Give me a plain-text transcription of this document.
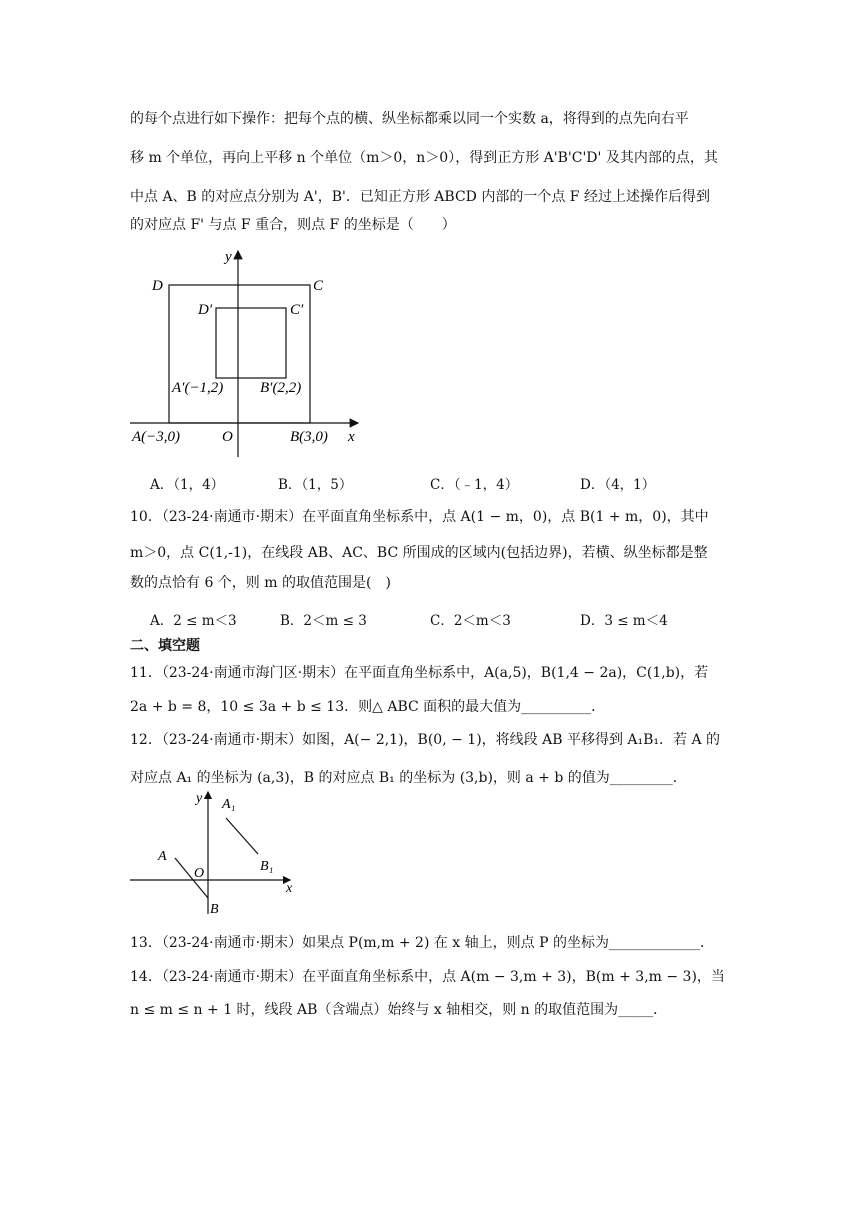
的每个点进行如下操作：把每个点的横、纵坐标都乘以同一个实数 a，将得到的点先向右平
移 m 个单位，再向上平移 n 个单位（m＞0，n＞0），得到正方形 A'B'C'D' 及其内部的点，其
中点 A、B 的对应点分别为 A'，B'．已知正方形 ABCD 内部的一个点 F 经过上述操作后得到
的对应点 F' 与点 F 重合，则点 F 的坐标是（　　）
y
x
D	C
D′	C′
A′(−1,2) B′(2,2)
A(−3,0)	O	B(3,0)
A．（1，4）	B．（1，5）	C．（﹣1，4）	D．（4，1）
10．（23-24·南通市·期末）在平面直角坐标系中，点 A(1 − m，0)，点 B(1 + m，0)，其中
m＞0，点 C(1,-1)，在线段 AB、AC、BC 所围成的区域内(包括边界)，若横、纵坐标都是整
数的点恰有 6 个，则 m 的取值范围是(　)
A．2 ≤ m＜3	B．2＜m ≤ 3	C．2＜m＜3	D．3 ≤ m＜4
二、填空题
11．（23-24·南通市海门区·期末）在平面直角坐标系中，A(a,5)，B(1,4 − 2a)，C(1,b)，若
2a + b = 8，10 ≤ 3a + b ≤ 13．则△ ABC 面积的最大值为__________．
12．（23-24·南通市·期末）如图，A(− 2,1)，B(0, − 1)，将线段 AB 平移得到 A₁B₁．若 A 的
对应点 A₁ 的坐标为 (a,3)，B 的对应点 B₁ 的坐标为 (3,b)，则 a + b 的值为_________．
y
x
A
O
B
A₁
B₁
13．（23-24·南通市·期末）如果点 P(m,m + 2) 在 x 轴上，则点 P 的坐标为_____________．
14．（23-24·南通市·期末）在平面直角坐标系中，点 A(m − 3,m + 3)，B(m + 3,m − 3)，当
n ≤ m ≤ n + 1 时，线段 AB（含端点）始终与 x 轴相交，则 n 的取值范围为_____．
